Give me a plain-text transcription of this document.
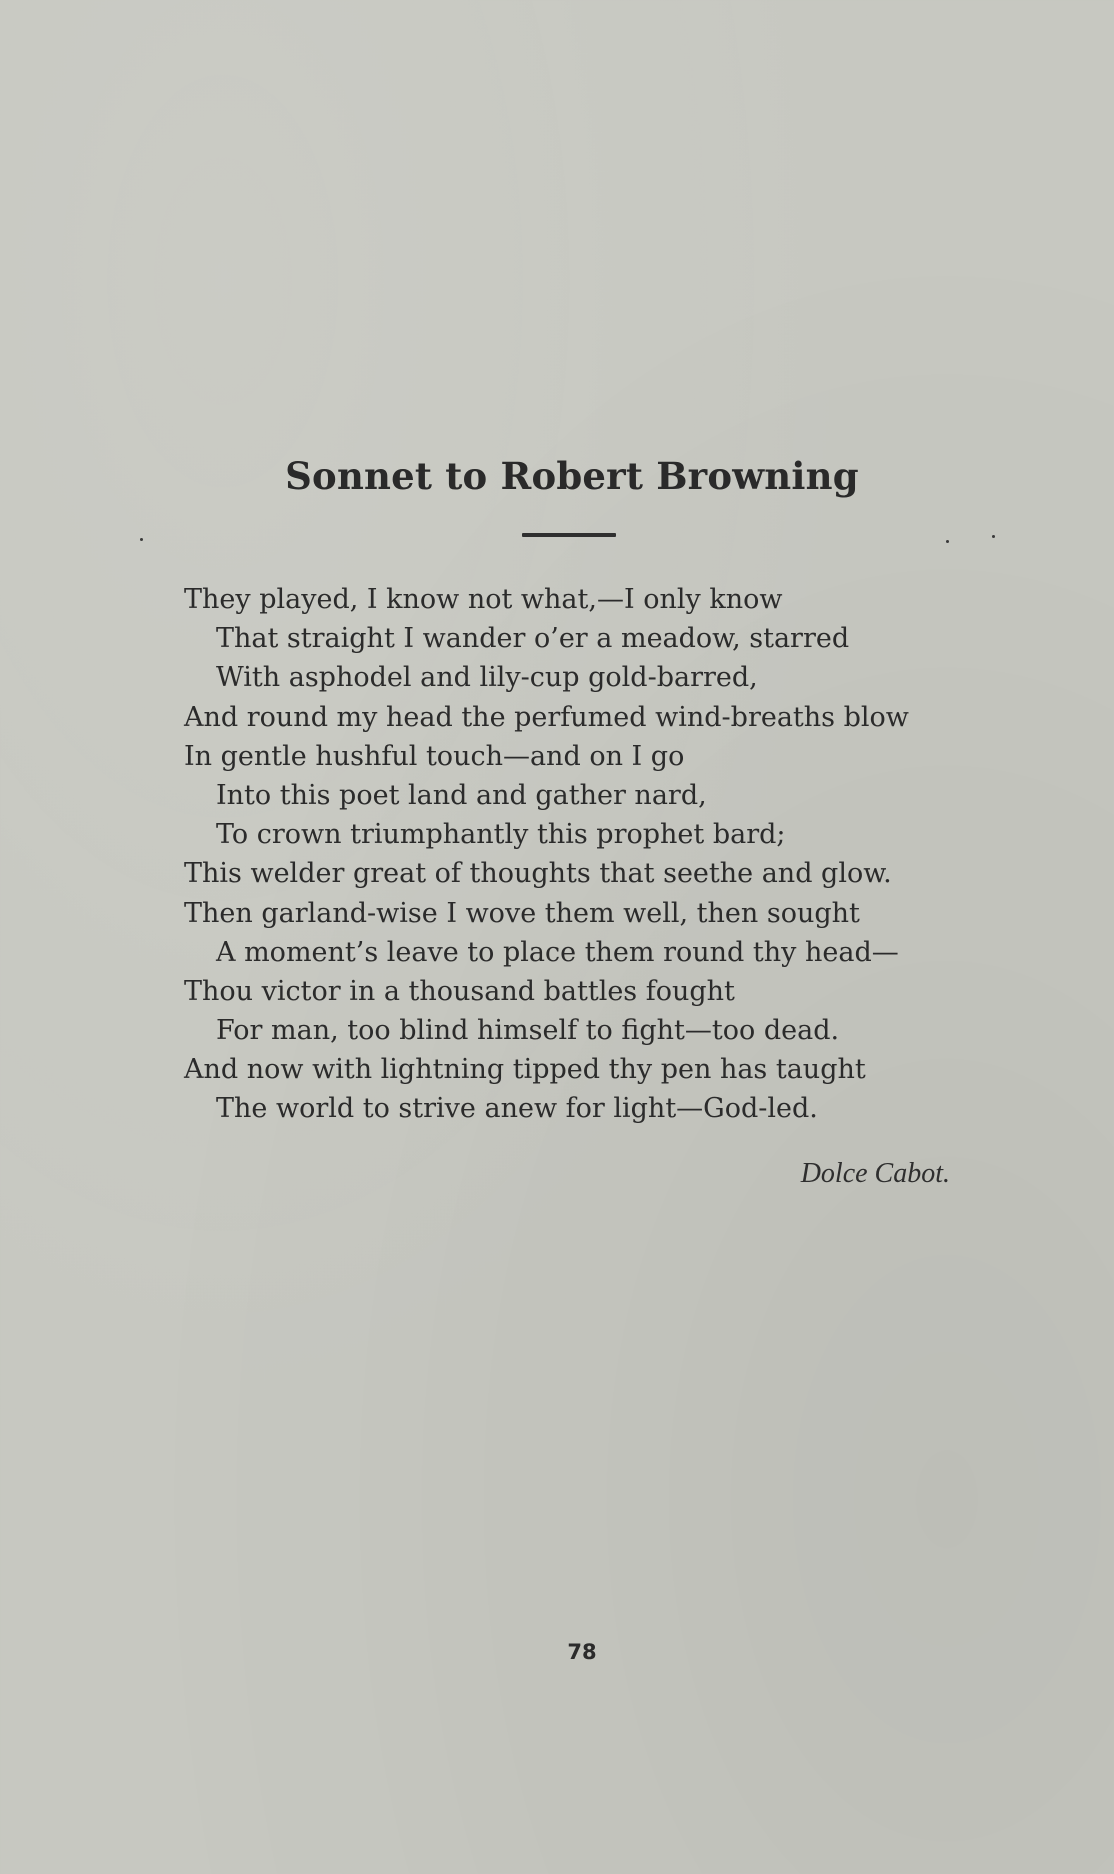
Sonnet to Robert Browning
They played, I know not what,—I only know
That straight I wander o’er a meadow, starred
With asphodel and lily-cup gold-barred,
And round my head the perfumed wind-breaths blow
In gentle hushful touch—and on I go
Into this poet land and gather nard,
To crown triumphantly this prophet bard;
This welder great of thoughts that seethe and glow.
Then garland-wise I wove them well, then sought
A moment’s leave to place them round thy head—
Thou victor in a thousand battles fought
For man, too blind himself to fight—too dead.
And now with lightning tipped thy pen has taught
The world to strive anew for light—God-led.
Dolce Cabot.
78
